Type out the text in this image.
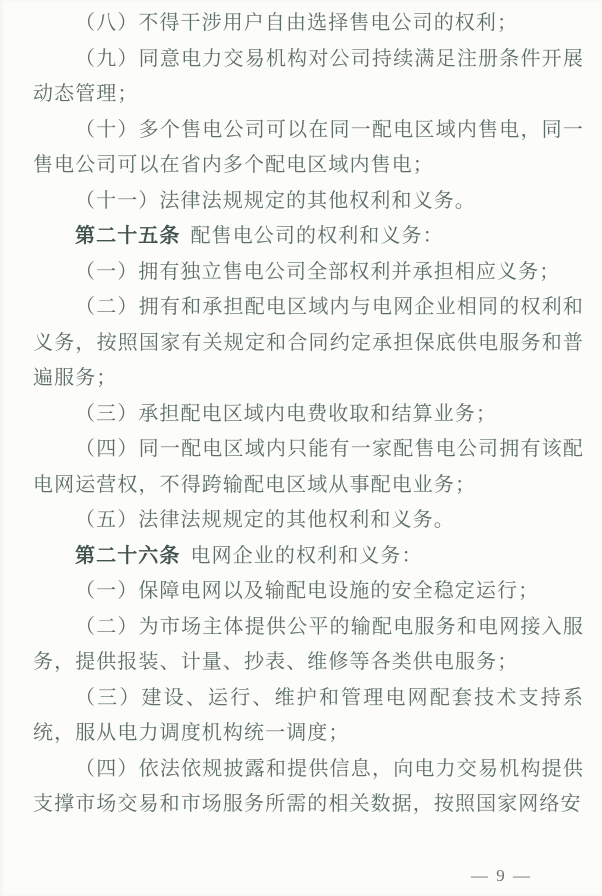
（八）不得干涉用户自由选择售电公司的权利；

（九）同意电力交易机构对公司持续满足注册条件开展动态管理；

（十）多个售电公司可以在同一配电区域内售电，同一售电公司可以在省内多个配电区域内售电；

（十一）法律法规规定的其他权利和义务。

第二十五条 配售电公司的权利和义务：

（一）拥有独立售电公司全部权利并承担相应义务；

（二）拥有和承担配电区域内与电网企业相同的权利和义务，按照国家有关规定和合同约定承担保底供电服务和普遍服务；

（三）承担配电区域内电费收取和结算业务；

（四）同一配电区域内只能有一家配售电公司拥有该配电网运营权，不得跨输配电区域从事配电业务；

（五）法律法规规定的其他权利和义务。

第二十六条 电网企业的权利和义务：

（一）保障电网以及输配电设施的安全稳定运行；

（二）为市场主体提供公平的输配电服务和电网接入服务，提供报装、计量、抄表、维修等各类供电服务；

（三）建设、运行、维护和管理电网配套技术支持系统，服从电力调度机构统一调度；

（四）依法依规披露和提供信息，向电力交易机构提供支撑市场交易和市场服务所需的相关数据，按照国家网络安

— 9 —
